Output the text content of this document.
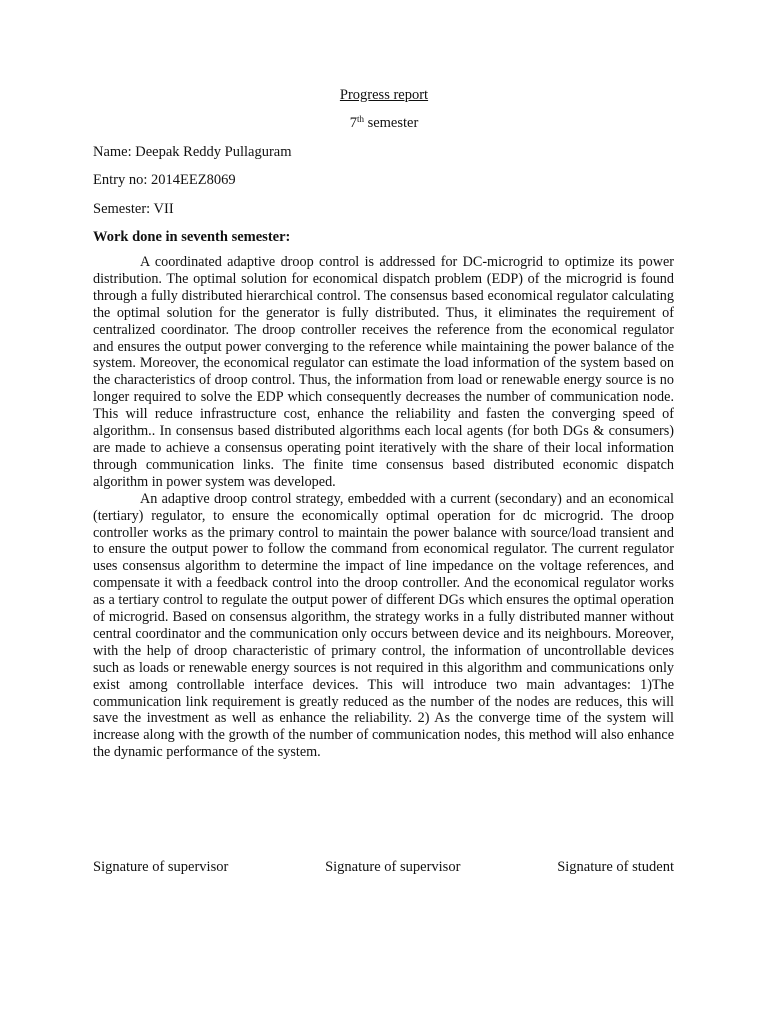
Progress report
7th semester
Name: Deepak Reddy Pullaguram
Entry no: 2014EEZ8069
Semester: VII
Work done in seventh semester:

A coordinated adaptive droop control is addressed for DC-microgrid to optimize its power distribution. The optimal solution for economical dispatch problem (EDP) of the microgrid is found through a fully distributed hierarchical control. The consensus based economical regulator calculating the optimal solution for the generator is fully distributed. Thus, it eliminates the requirement of centralized coordinator. The droop controller receives the reference from the economical regulator and ensures the output power converging to the reference while maintaining the power balance of the system. Moreover, the economical regulator can estimate the load information of the system based on the characteristics of droop control. Thus, the information from load or renewable energy source is no longer required to solve the EDP which consequently decreases the number of communication node. This will reduce infrastructure cost, enhance the reliability and fasten the converging speed of algorithm.. In consensus based distributed algorithms each local agents (for both DGs & consumers) are made to achieve a consensus operating point iteratively with the share of their local information through communication links. The finite time consensus based distributed economic dispatch algorithm in power system was developed.

An adaptive droop control strategy, embedded with a current (secondary) and an economical (tertiary) regulator, to ensure the economically optimal operation for dc microgrid. The droop controller works as the primary control to maintain the power balance with source/load transient and to ensure the output power to follow the command from economical regulator. The current regulator uses consensus algorithm to determine the impact of line impedance on the voltage references, and compensate it with a feedback control into the droop controller. And the economical regulator works as a tertiary control to regulate the output power of different DGs which ensures the optimal operation of microgrid. Based on consensus algorithm, the strategy works in a fully distributed manner without central coordinator and the communication only occurs between device and its neighbours. Moreover, with the help of droop characteristic of primary control, the information of uncontrollable devices such as loads or renewable energy sources is not required in this algorithm and communications only exist among controllable interface devices. This will introduce two main advantages: 1)The communication link requirement is greatly reduced as the number of the nodes are reduces, this will save the investment as well as enhance the reliability. 2) As the converge time of the system will increase along with the growth of the number of communication nodes, this method will also enhance the dynamic performance of the system.

Signature of supervisor	Signature of supervisor	Signature of student
